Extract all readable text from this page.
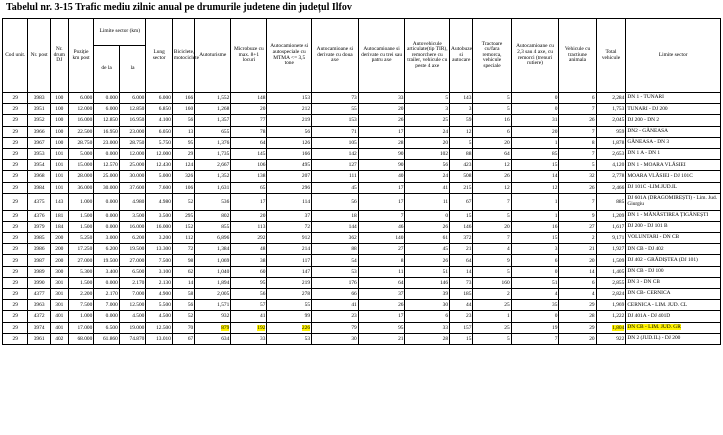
Tabelul nr. 3-15 Trafic mediu zilnic anual pe drumurile judetene din județul Ilfov
Cod unit.	Nr. post	Nr. drum DJ	Poziție km post	Limite sector (km)		Lung sector	Biciclete, motociclete	Autoturisme	Microbuze cu max. 8+1 locuri	Autocamionete si autospeciale cu MTMA <= 3,5 tone	Autocamioane si derivate cu doua axe	Autocamioane si derivate cu trei sau patru axe	Autovehicule articulate(tip TIR), remorchere cu trailer, vehicule cu peste 4 axe	Autobuze si autocare	Tractoare cu/fara remorca, vehicule speciale	Autocamioane cu 2,3 sau 4 axe, cu remorci (trenuri rutiere)	Vehicule cu tractiune animala	Total vehicule	Limite sector
				de la	la														
29	3983	100	6.000	0.000	6.000	6.000	166	1,552	148	153	73	33	5	143	5	0	6	2,284	DN 1 - TUNARI
29	3951	100	12.000	6.000	12.850	6.850	160	1,268	20	212	55	20	3	3	5	0	7	1,753	TUNARI - DJ 200
29	3952	100	16.000	12.850	16.950	4.100	56	1,357	77	219	153	26	25	59	16	31	26	2,045	DJ 200 - DN 2
29	3966	100	22.500	16.950	23.000	6.050	13	655	78	56	71	17	24	12	6	20	7	959	DN2 - GĂNEASA
29	3967	100	28.750	23.000	28.750	5.750	95	1,376	64	126	105	28	20	5	20	1	8	1,878	GĂNEASA - DN 3
29	3953	101	5.000	0.000	12.000	12.000	29	1,735	145	166	142	90	102	88	64	85	7	2,653	DN 1 A - DN 1
29	3954	101	15.000	12.570	25.000	12.430	124	2,667	106	495	127	90	56	423	12	15	5	4,120	DN 1 - MOARA VLĂSIEI
29	3968	101	28.000	25.000	30.000	5.000	326	1,352	138	207	111	40	24	508	26	14	32	2,778	MOARA VLĂSIEI - DJ 101C
29	3984	101	36.000	30.000	37.600	7.600	106	1,631	65	296	45	17	41	215	12	12	26	2,466	DJ 101C -LIM.JUD.IL
29	4375	143	1.000	0.000	4.980	4.980	52	536	17	114	56	17	11	67	7	1	7	885	DJ 601A (DRAGOMIREȘTI) - Lim. Jud. Giurgiu
29	4376	181	1.500	0.000	3.500	3.500	295	802	20	37	18	7	0	15	5	1	9	1,209	DN 1 - MĂNĂSTIREA ȚIGĂNEȘTI
29	3979	184	1.500	0.000	16.000	16.000	152	855	113	72	144	46	26	146	20	16	27	1,617	DJ 200 - DJ 101 B
29	3985	200	5.250	3.000	6.200	3.200	112	6,896	292	912	362	140	61	372	7	15	2	9,171	VOLUNTARI - DN CB
29	3986	200	17.250	6.200	19.500	13.300	72	1,384	48	214	88	27	45	21	4	3	21	1,927	DN CB - DJ 402
29	3987	200	27.000	19.500	27.000	7.500	98	1,069	38	117	54	8	26	64	9	6	20	1,509	DJ 402 - GRĂDIȘTEA (DJ 101)
29	3989	300	5.300	3.400	6.500	3.100	62	1,040	60	147	53	11	51	14	5	0	14	1,405	DN CB - DJ 100
29	3990	301	1.500	0.000	2.170	2.130	14	1,894	95	219	176	64	146	73	160	51	6	2,855	DN 3 - DN CB
29	4377	301	2.200	2.170	7.000	4.900	58	2,005	56	278	66	37	39	185	2	4	4	2,824	DN CB- CERNICA
29	3963	301	7.500	7.000	12.500	5.500	56	1,571	57	55	41	26	30	44	25	35	29	1,969	CERNICA - LIM. JUD. CL
29	4372	401	1.000	0.000	4.500	4.500	52	932	41	99	23	17	6	23	1	0	28	1,222	DJ 401A - DJ 401D
29	3974	401	17.000	6.500	19.000	12.500	70	879	192	226	79	95	33	157	25	19	29	1,804	DN CB - LIM. JUD. GR
29	3961	402	68.000	61.860	74.870	13.010	67	634	33	53	30	21	28	15	5	7	20	922	DN 2 (JUD.IL) - DJ 200
